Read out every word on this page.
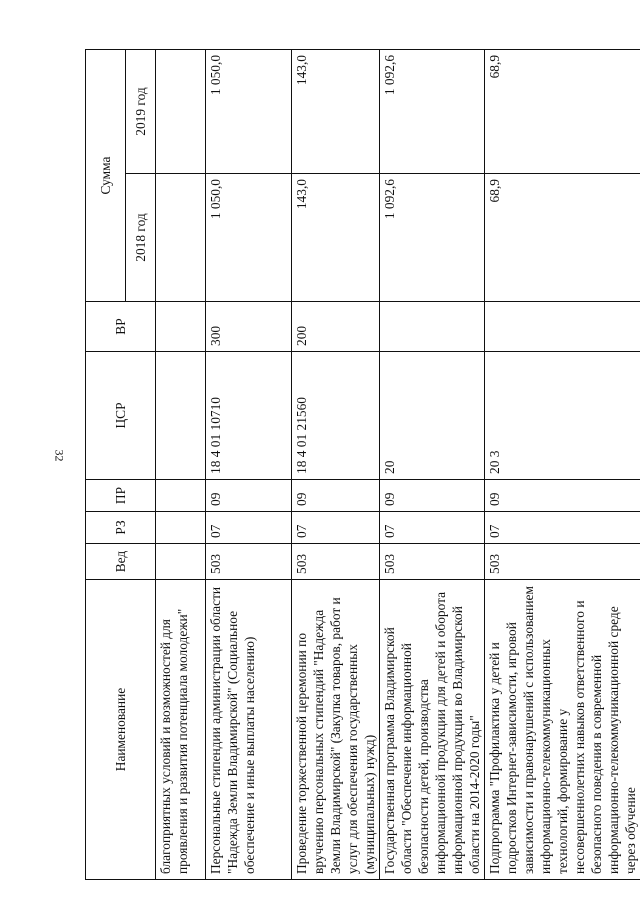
32
Наименование	Вед	РЗ	ПР	ЦСР	ВР	Сумма	
						2018 год	2019 год
благоприятных условий и возможностей для проявления и развития потенциала молодежи"							
Персональные стипендии администрации области "Надежда Земли Владимирской" (Социальное обеспечение и иные выплаты населению)	503	07	09	18 4 01 10710	300	1 050,0	1 050,0
Проведение торжественной церемонии по вручению персональных стипендий "Надежда Земли Владимирской" (Закупка товаров, работ и услуг для обеспечения государственных (муниципальных) нужд)	503	07	09	18 4 01 21560	200	143,0	143,0
Государственная программа Владимирской области "Обеспечение информационной безопасности детей, производства информационной продукции для детей и оборота информационной продукции во Владимирской области на 2014-2020 годы"	503	07	09	20		1 092,6	1 092,6
Подпрограмма "Профилактика у детей и подростков Интернет-зависимости, игровой зависимости и правонарушений с использованием информационно-телекоммуникационных технологий, формирование у несовершеннолетних навыков ответственного и безопасного поведения в современной информационно-телекоммуникационной среде через обучение	503	07	09	20 3		68,9	68,9
